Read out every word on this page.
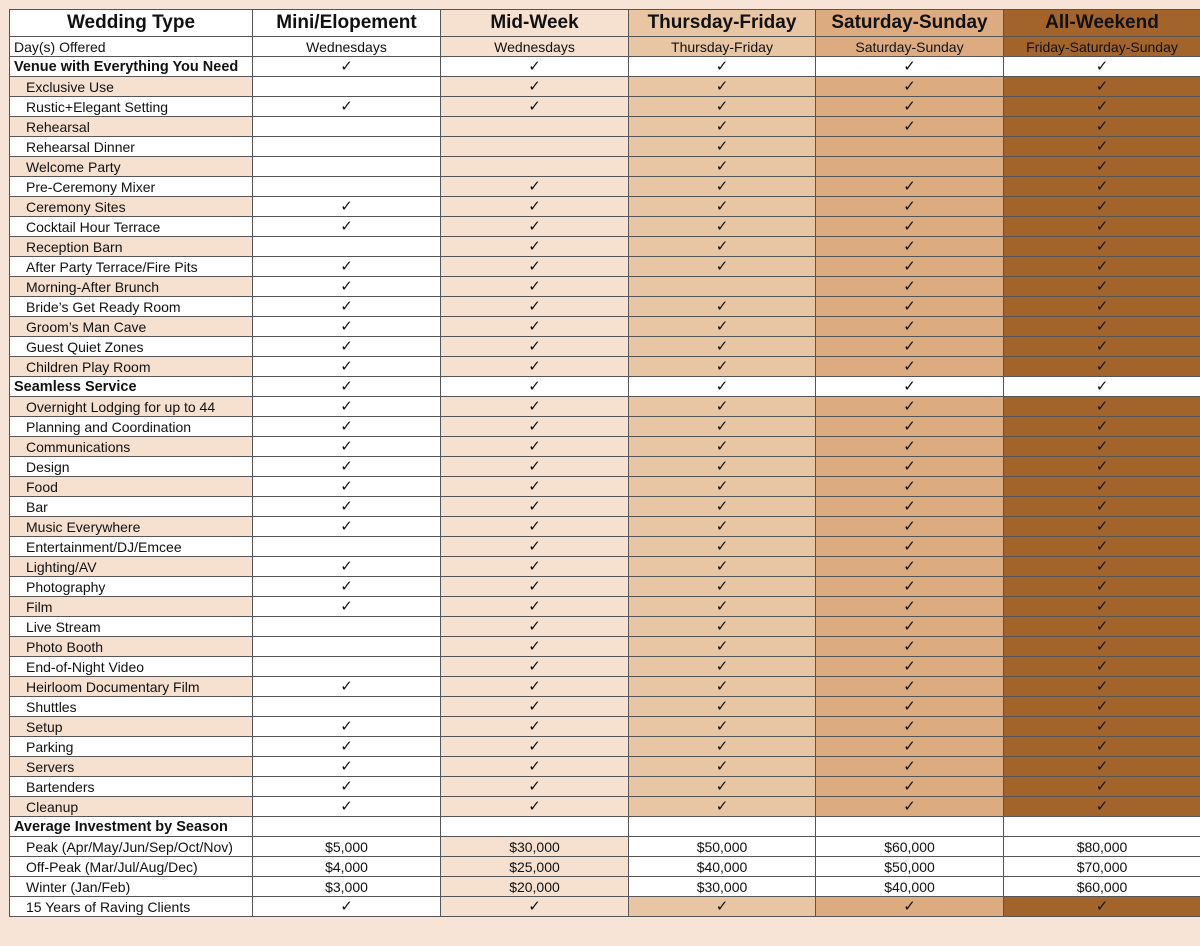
Wedding Type	Mini/Elopement	Mid-Week	Thursday-Friday	Saturday-Sunday	All-Weekend
Day(s) Offered	Wednesdays	Wednesdays	Thursday-Friday	Saturday-Sunday	Friday-Saturday-Sunday
Venue with Everything You Need	✓	✓	✓	✓	✓
Exclusive Use		✓	✓	✓	✓
Rustic+Elegant Setting	✓	✓	✓	✓	✓
Rehearsal			✓	✓	✓
Rehearsal Dinner			✓		✓
Welcome Party			✓		✓
Pre-Ceremony Mixer		✓	✓	✓	✓
Ceremony Sites	✓	✓	✓	✓	✓
Cocktail Hour Terrace	✓	✓	✓	✓	✓
Reception Barn		✓	✓	✓	✓
After Party Terrace/Fire Pits	✓	✓	✓	✓	✓
Morning-After Brunch	✓	✓		✓	✓
Bride’s Get Ready Room	✓	✓	✓	✓	✓
Groom’s Man Cave	✓	✓	✓	✓	✓
Guest Quiet Zones	✓	✓	✓	✓	✓
Children Play Room	✓	✓	✓	✓	✓
Seamless Service	✓	✓	✓	✓	✓
Overnight Lodging for up to 44	✓	✓	✓	✓	✓
Planning and Coordination	✓	✓	✓	✓	✓
Communications	✓	✓	✓	✓	✓
Design	✓	✓	✓	✓	✓
Food	✓	✓	✓	✓	✓
Bar	✓	✓	✓	✓	✓
Music Everywhere	✓	✓	✓	✓	✓
Entertainment/DJ/Emcee		✓	✓	✓	✓
Lighting/AV	✓	✓	✓	✓	✓
Photography	✓	✓	✓	✓	✓
Film	✓	✓	✓	✓	✓
Live Stream		✓	✓	✓	✓
Photo Booth		✓	✓	✓	✓
End-of-Night Video		✓	✓	✓	✓
Heirloom Documentary Film	✓	✓	✓	✓	✓
Shuttles		✓	✓	✓	✓
Setup	✓	✓	✓	✓	✓
Parking	✓	✓	✓	✓	✓
Servers	✓	✓	✓	✓	✓
Bartenders	✓	✓	✓	✓	✓
Cleanup	✓	✓	✓	✓	✓
Average Investment by Season					
Peak (Apr/May/Jun/Sep/Oct/Nov)	$5,000	$30,000	$50,000	$60,000	$80,000
Off-Peak (Mar/Jul/Aug/Dec)	$4,000	$25,000	$40,000	$50,000	$70,000
Winter (Jan/Feb)	$3,000	$20,000	$30,000	$40,000	$60,000
15 Years of Raving Clients	✓	✓	✓	✓	✓
